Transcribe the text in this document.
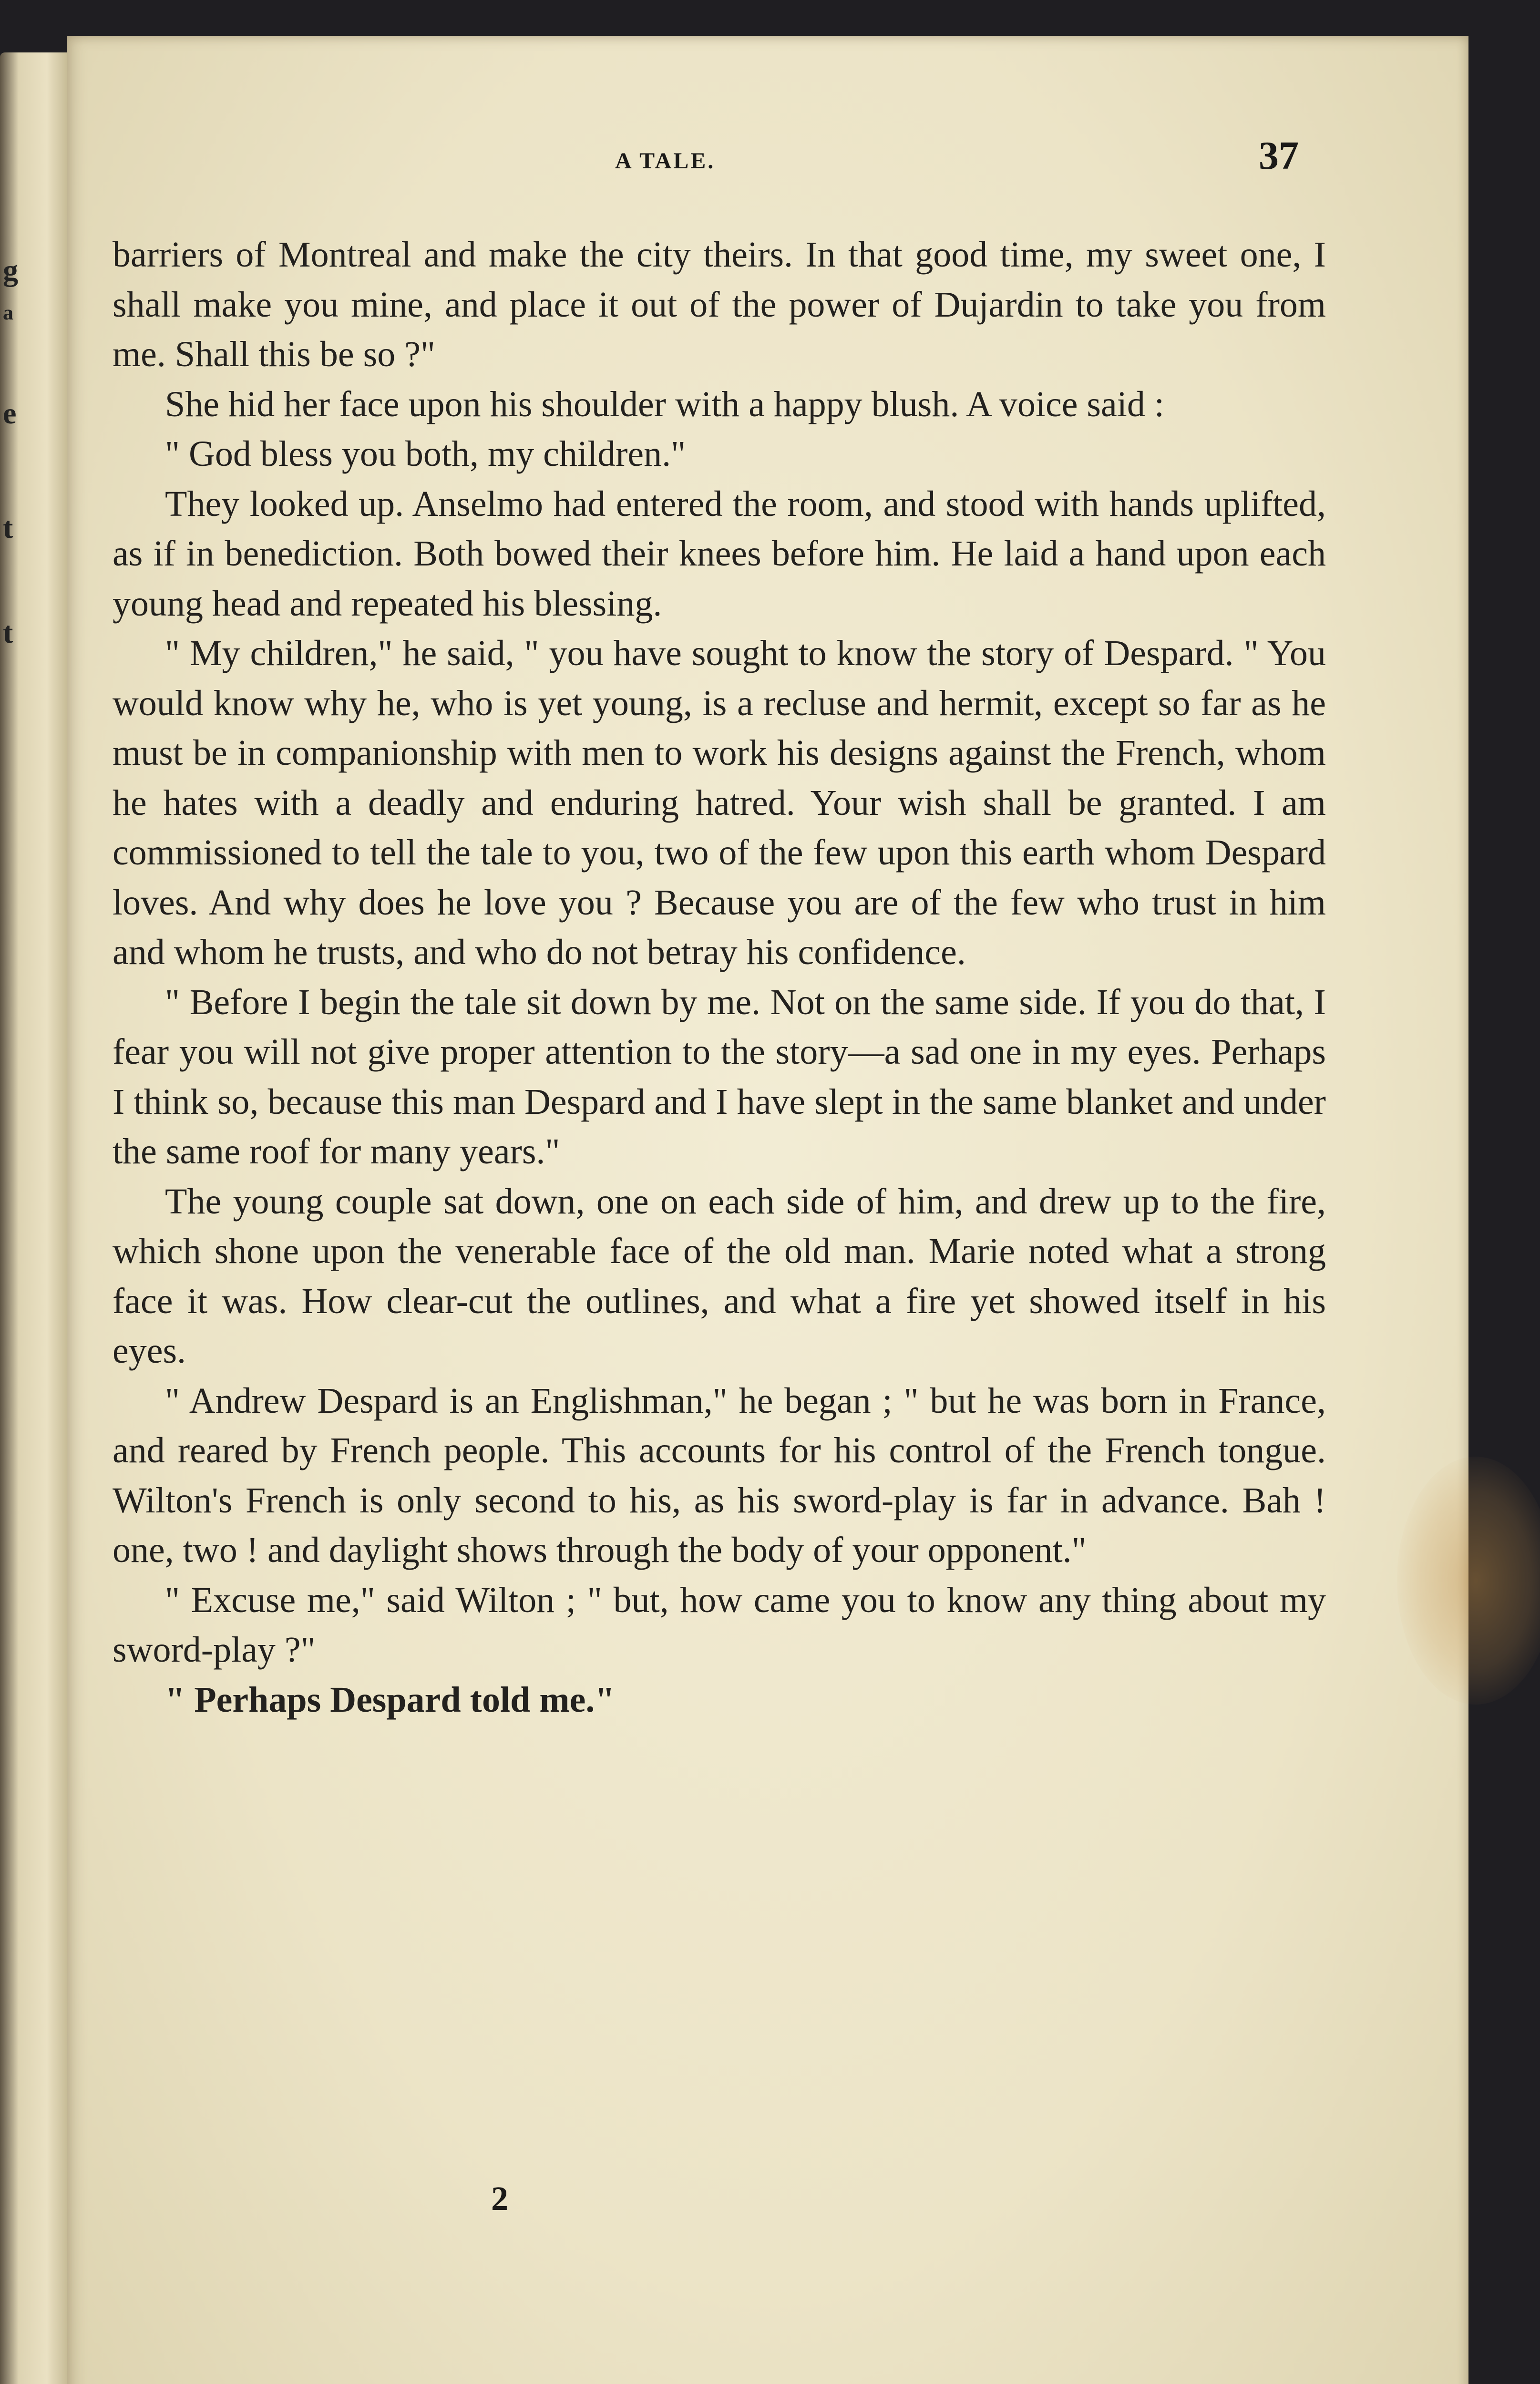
g
a
e
t
t
A TALE.	37

barriers of Montreal and make the city theirs. In that good time, my sweet one, I shall make you mine, and place it out of the power of Dujardin to take you from me. Shall this be so ?"

She hid her face upon his shoulder with a happy blush. A voice said :

" God bless you both, my children."

They looked up. Anselmo had entered the room, and stood with hands uplifted, as if in benediction. Both bowed their knees before him. He laid a hand upon each young head and repeated his blessing.

" My children," he said, " you have sought to know the story of Despard. " You would know why he, who is yet young, is a recluse and hermit, except so far as he must be in companionship with men to work his designs against the French, whom he hates with a deadly and enduring hatred. Your wish shall be granted. I am commissioned to tell the tale to you, two of the few upon this earth whom Despard loves. And why does he love you ? Because you are of the few who trust in him and whom he trusts, and who do not betray his confidence.

" Before I begin the tale sit down by me. Not on the same side. If you do that, I fear you will not give proper attention to the story—a sad one in my eyes. Perhaps I think so, because this man Despard and I have slept in the same blanket and under the same roof for many years."

The young couple sat down, one on each side of him, and drew up to the fire, which shone upon the venerable face of the old man. Marie noted what a strong face it was. How clear-cut the outlines, and what a fire yet showed itself in his eyes.

" Andrew Despard is an Englishman," he began ; " but he was born in France, and reared by French people. This accounts for his control of the French tongue. Wilton's French is only second to his, as his sword-play is far in advance. Bah ! one, two ! and daylight shows through the body of your opponent."

" Excuse me," said Wilton ; " but, how came you to know any thing about my sword-play ?"

" Perhaps Despard told me."

2
